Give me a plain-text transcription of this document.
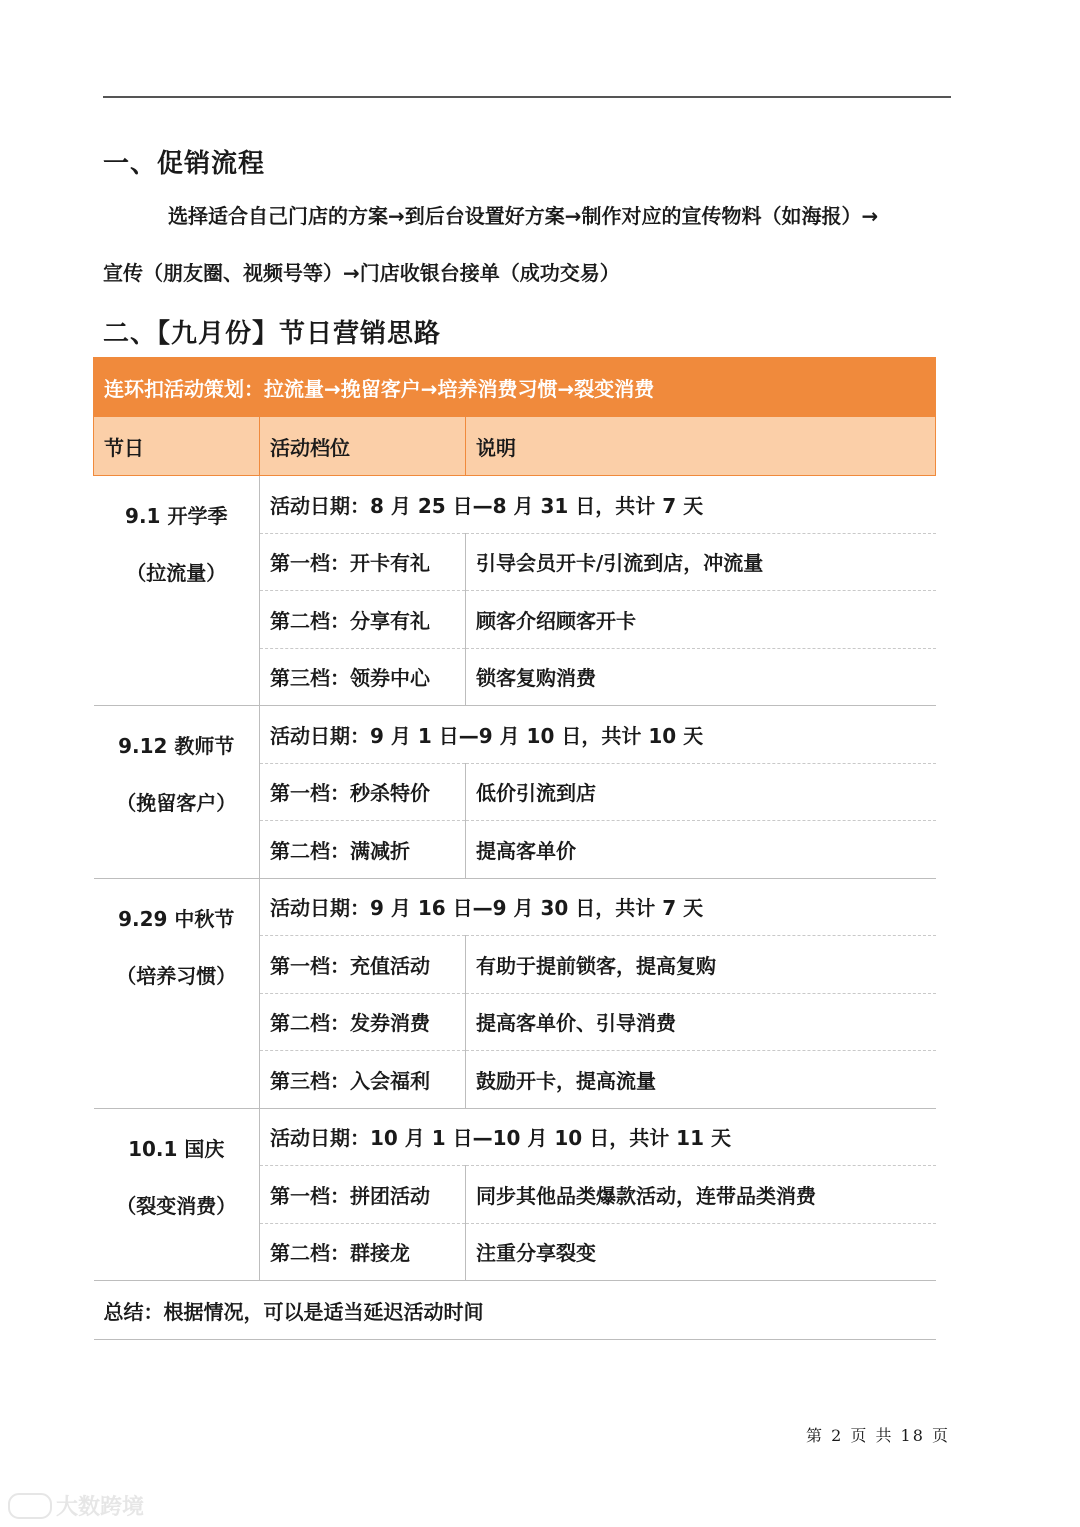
一、促销流程

选择适合自己门店的方案→到后台设置好方案→制作对应的宣传物料（如海报）→

宣传（朋友圈、视频号等）→门店收银台接单（成功交易）

二、【九月份】节日营销思路
连环扣活动策划：拉流量→挽留客户→培养消费习惯→裂变消费		
节日	活动档位	说明

9.1 开学季
（拉流量）	活动日期：8 月 25 日—8 月 31 日，共计 7 天	
	第一档：开卡有礼	引导会员开卡/引流到店，冲流量
	第二档：分享有礼	顾客介绍顾客开卡
	第三档：领券中心	锁客复购消费

9.12 教师节
（挽留客户）	活动日期：9 月 1 日—9 月 10 日，共计 10 天	
	第一档：秒杀特价	低价引流到店
	第二档：满减折	提高客单价

9.29 中秋节
（培养习惯）	活动日期：9 月 16 日—9 月 30 日，共计 7 天	
	第一档：充值活动	有助于提前锁客，提高复购
	第二档：发券消费	提高客单价、引导消费
	第三档：入会福利	鼓励开卡，提高流量

10.1 国庆
（裂变消费）	活动日期：10 月 1 日—10 月 10 日，共计 11 天	
	第一档：拼团活动	同步其他品类爆款活动，连带品类消费
	第二档：群接龙	注重分享裂变
总结：根据情况，可以是适当延迟活动时间		
第 2 页 共 18 页
大数跨境
